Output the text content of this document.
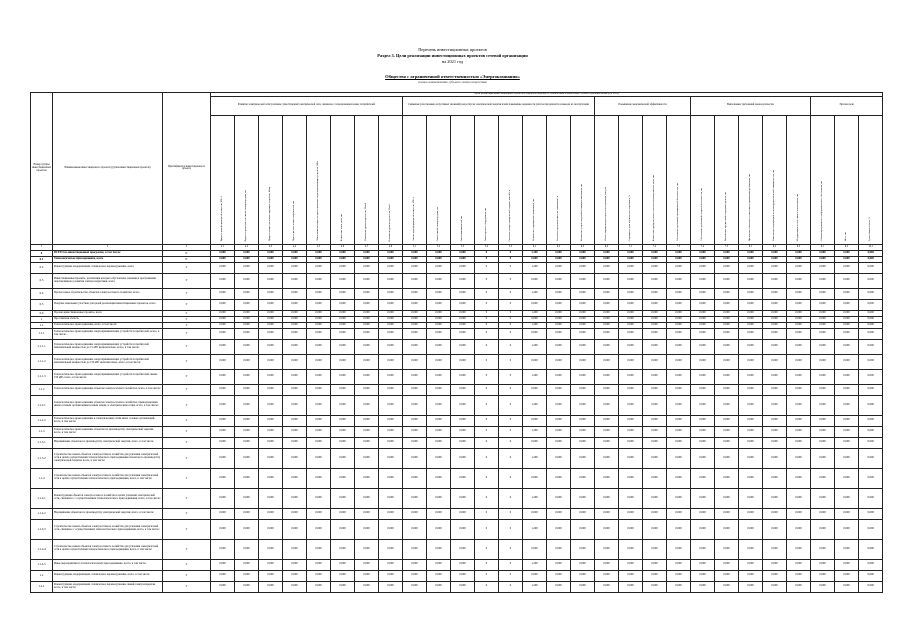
Перечень инвестиционных проектов
Раздел 3. Цели реализации инвестиционных проектов сетевой организации
на 2021 год
Общество с ограниченной ответственностью «Энергокомпания»
полное наименование субъекта электроэнергетики
Номер группы инвестиционных проектов	Наименование инвестиционного проекта (группы инвестиционных проектов)	Идентификатор инвестиционного проекта	Цели реализации инвестиционных проектов в закрытом перечне по техническим показателям, соответствующим целям (год 2021)																											
			Развитие электрической сети/усиление существующей электрической сети, связанное с подключением новых потребителей								Снижение (обеспечение допустимых значений) недоотпуска электрической энергии и/или повышение надежности работы при ремонтах и выводе из эксплуатации								Повышение экономической эффективности				Выполнение требований законодательства					Прочие цели		
			Прирост трансформаторной мощности, МВ·А	Прирост протяженности линий электропередачи, км	Прирост мощности компенсирующих устройств, Мвар	Присоединение новых потребителей, шт	Максимальная мощность присоединяемых энергопринимающих устройств, МВт	Количество точек учета, шт	Показатель уровня надежности, Пsaidi	Показатель уровня надежности, Пsaifi	Замена трансформаторной мощности, МВ·А	Замена линий электропередачи, км	Замена выключателей, шт	Замена прочего оборудования, шт	Снижение потерь электрической энергии, млн кВт·ч	Количество сокращенных отключений, шт	Снижение продолжительности отключений, ч	Количество устройств релейной защиты и автоматики, шт	Объем сокращения расходов на эксплуатацию, млн руб	Сокращение доли неучтенного потребления, %	Количество приборов учета в системе интеллектуального учета, шт	Обеспечение требований промышленной безопасности, шт	Обеспечение требований пожарной безопасности, шт	Выполнение предписаний надзорных органов, шт	Приведение объектов в соответствие нормативным требованиям, шт	Выполнение мероприятий по антитеррористической защищенности, шт	Модернизация систем связи и телемеханики, шт	Объекты программного и информационного обеспечения, шт	Иное, шт	Доля в общем объеме, %
1	2	3	4.1	4.2	4.3	4.4	4.5	4.6	4.7	4.8	5.1	5.2	5.3	5.4	5.5	6.1	6.2	6.3	6.4	7.1	7.2	7.3	7.4	7.5	8.1	8.2	8.3	9.1	9.2	10.1
0	ВСЕГО по инвестиционной программе, в том числе:	Г	0,000	0,000	0,000	0,000	0,000	0,000	0,000	0,000	0,000	0,000	0,000	0	0	1,200	0,000	0,000	0,000	0,000	0,000	0,000	0,000	0,000	0,000	0,000	0,000	0,000	0,000	0,000
0.1	Технологическое присоединение, всего	Г	0,000	0,000	0,000	0,000	0,000	0,000	0,000	0,000	0,000	0,000	0,000	0	0	0,000	0,000	0,000	0,000	0,000	0,000	0,000	0,000	0,000	0,000	0,000	0,000	0,000	0,000	0,000
0.2	Реконструкция, модернизация, техническое перевооружение, всего	Г	0,000	0,000	0,000	0,000	0,000	0,000	0,000	0,000	0,000	0,000	0,000	0	0	1,200	0,000	0,000	0,000	0,000	0,000	0,000	0,000	0,000	0,000	0,000	0,000	0,000	0,000	0,000
0.3	Инвестиционные проекты, реализация которых обусловлена схемами и программами перспективного развития электроэнергетики, всего	Г	0,000	0,000	0,000	0,000	0,000	0,000	0,000	0,000	0,000	0,000	0,000	0	0	0,000	0,000	0,000	0,000	0,000	0,000	0,000	0,000	0,000	0,000	0,000	0,000	0,000	0,000	0,000
0.4	Прочее новое строительство объектов электросетевого хозяйства, всего	Г	0,000	0,000	0,000	0,000	0,000	0,000	0,000	0,000	0,000	0,000	0,000	0	0	1,200	0,000	0,000	0,000	0,000	0,000	0,000	0,000	0,000	0,000	0,000	0,000	0,000	0,000	0,000
0.5	Покупка земельных участков для целей реализации инвестиционных проектов, всего	Г	0,000	0,000	0,000	0,000	0,000	0,000	0,000	0,000	0,000	0,000	0,000	0	0	0,000	0,000	0,000	0,000	0,000	0,000	0,000	0,000	0,000	0,000	0,000	0,000	0,000	0,000	0,000
0.6	Прочие инвестиционные проекты, всего	Г	0,000	0,000	0,000	0,000	0,000	0,000	0,000	0,000	0,000	0,000	0,000	0	0	1,200	0,000	0,000	0,000	0,000	0,000	0,000	0,000	0,000	0,000	0,000	0,000	0,000	0,000	0,000
1	Ярославская область	Г	0,000	0,000	0,000	0,000	0,000	0,000	0,000	0,000	0,000	0,000	0,000	0	0	0,000	0,000	0,000	0,000	0,000	0,000	0,000	0,000	0,000	0,000	0,000	0,000	0,000	0,000	0,000
1.1	Технологическое присоединение, всего, в том числе:	Г	0,000	0,000	0,000	0,000	0,000	0,000	0,000	0,000	0,000	0,000	0,000	0	0	1,200	0,000	0,000	0,000	0,000	0,000	0,000	0,000	0,000	0,000	0,000	0,000	0,000	0,000	0,000
1.1.1	Технологическое присоединение энергопринимающих устройств потребителей, всего, в том числе:	Г	0,000	0,000	0,000	0,000	0,000	0,000	0,000	0,000	0,000	0,000	0,000	0	0	0,000	0,000	0,000	0,000	0,000	0,000	0,000	0,000	0,000	0,000	0,000	0,000	0,000	0,000	0,000
1.1.1.1	Технологическое присоединение энергопринимающих устройств потребителей максимальной мощностью до 15 кВт включительно, всего, в том числе:	Г	0,000	0,000	0,000	0,000	0,000	0,000	0,000	0,000	0,000	0,000	0,000	0	0	1,200	0,000	0,000	0,000	0,000	0,000	0,000	0,000	0,000	0,000	0,000	0,000	0,000	0,000	0,000
1.1.1.2	Технологическое присоединение энергопринимающих устройств потребителей максимальной мощностью до 150 кВт включительно, всего, в том числе:	Г	0,000	0,000	0,000	0,000	0,000	0,000	0,000	0,000	0,000	0,000	0,000	0	0	0,000	0,000	0,000	0,000	0,000	0,000	0,000	0,000	0,000	0,000	0,000	0,000	0,000	0,000	0,000
1.1.1.3	Технологическое присоединение энергопринимающих устройств потребителей свыше 150 кВт, всего, в том числе:	Г	0,000	0,000	0,000	0,000	0,000	0,000	0,000	0,000	0,000	0,000	0,000	0	0	1,200	0,000	0,000	0,000	0,000	0,000	0,000	0,000	0,000	0,000	0,000	0,000	0,000	0,000	0,000
1.1.2	Технологическое присоединение объектов электросетевого хозяйства, всего, в том числе:	Г	0,000	0,000	0,000	0,000	0,000	0,000	0,000	0,000	0,000	0,000	0,000	0	0	0,000	0,000	0,000	0,000	0,000	0,000	0,000	0,000	0,000	0,000	0,000	0,000	0,000	0,000	0,000
1.1.2.1	Технологическое присоединение объектов электросетевого хозяйства, принадлежащих иным сетевым организациям и иным лицам, к электрическим сетям, всего, в том числе:	Г	0,000	0,000	0,000	0,000	0,000	0,000	0,000	0,000	0,000	0,000	0,000	0	0	1,200	0,000	0,000	0,000	0,000	0,000	0,000	0,000	0,000	0,000	0,000	0,000	0,000	0,000	0,000
1.1.2.2	Технологическое присоединение к электрическим сетям иных сетевых организаций, всего, в том числе:	Г	0,000	0,000	0,000	0,000	0,000	0,000	0,000	0,000	0,000	0,000	0,000	0	0	0,000	0,000	0,000	0,000	0,000	0,000	0,000	0,000	0,000	0,000	0,000	0,000	0,000	0,000	0,000
1.1.3	Технологическое присоединение объектов по производству электрической энергии, всего, в том числе:	Г	0,000	0,000	0,000	0,000	0,000	0,000	0,000	0,000	0,000	0,000	0,000	0	0	1,200	0,000	0,000	0,000	0,000	0,000	0,000	0,000	0,000	0,000	0,000	0,000	0,000	0,000	0,000
1.1.3.1	Наращивание объектов по производству электрической энергии, всего, в том числе:	Г	0,000	0,000	0,000	0,000	0,000	0,000	0,000	0,000	0,000	0,000	0,000	0	0	0,000	0,000	0,000	0,000	0,000	0,000	0,000	0,000	0,000	0,000	0,000	0,000	0,000	0,000	0,000
1.1.3.2	Строительство новых объектов электросетевого хозяйства для усиления электрической сети в целях осуществления технологического присоединения объектов по производству электрической энергии, всего, в том числе:	Г	0,000	0,000	0,000	0,000	0,000	0,000	0,000	0,000	0,000	0,000	0,000	0	0	1,200	0,000	0,000	0,000	0,000	0,000	0,000	0,000	0,000	0,000	0,000	0,000	0,000	0,000	0,000
1.1.4	Строительство новых объектов электросетевого хозяйства для усиления электрической сети в целях осуществления технологического присоединения, всего, в том числе:	Г	0,000	0,000	0,000	0,000	0,000	0,000	0,000	0,000	0,000	0,000	0,000	0	0	0,000	0,000	0,000	0,000	0,000	0,000	0,000	0,000	0,000	0,000	0,000	0,000	0,000	0,000	0,000
1.1.4.1	Реконструкция объектов электросетевого хозяйства в целях усиления электрической сети, связанного с осуществлением технологического присоединения, всего, в том числе:	Г	0,000	0,000	0,000	0,000	0,000	0,000	0,000	0,000	0,000	0,000	0,000	0	0	1,200	0,000	0,000	0,000	0,000	0,000	0,000	0,000	0,000	0,000	0,000	0,000	0,000	0,000	0,000
1.1.4.2	Наращивание объектов по производству электрической энергии, всего, в том числе:	Г	0,000	0,000	0,000	0,000	0,000	0,000	0,000	0,000	0,000	0,000	0,000	0	0	0,000	0,000	0,000	0,000	0,000	0,000	0,000	0,000	0,000	0,000	0,000	0,000	0,000	0,000	0,000
1.1.4.3	Строительство новых объектов электросетевого хозяйства для усиления электрической сети, связанное с осуществлением технологического присоединения, всего, в том числе:	Г	0,000	0,000	0,000	0,000	0,000	0,000	0,000	0,000	0,000	0,000	0,000	0	0	1,200	0,000	0,000	0,000	0,000	0,000	0,000	0,000	0,000	0,000	0,000	0,000	0,000	0,000	0,000
1.1.4.4	Строительство новых объектов электросетевого хозяйства для усиления электрической сети в целях осуществления технологического присоединения, всего, в том числе:	Г	0,000	0,000	0,000	0,000	0,000	0,000	0,000	0,000	0,000	0,000	0,000	0	0	0,000	0,000	0,000	0,000	0,000	0,000	0,000	0,000	0,000	0,000	0,000	0,000	0,000	0,000	0,000
1.1.4.5	Иные мероприятия по технологическому присоединению, всего, в том числе:	Г	0,000	0,000	0,000	0,000	0,000	0,000	0,000	0,000	0,000	0,000	0,000	0	0	1,200	0,000	0,000	0,000	0,000	0,000	0,000	0,000	0,000	0,000	0,000	0,000	0,000	0,000	0,000
1.2	Реконструкция, модернизация, техническое перевооружение, всего, в том числе:	Г	0,000	0,000	0,000	0,000	0,000	0,000	0,000	0,000	0,000	0,000	0,000	0	0	0,000	0,000	0,000	0,000	0,000	0,000	0,000	0,000	0,000	0,000	0,000	0,000	0,000	0,000	0,000
1.2.1	Реконструкция, модернизация, техническое перевооружение линий электропередачи, всего, в том числе:	Г	0,000	0,000	0,000	0,000	0,000	0,000	0,000	0,000	0,000	0,000	0,000	0	0	1,200	0,000	0,000	0,000	0,000	0,000	0,000	0,000	0,000	0,000	0,000	0,000	0,000	0,000	0,000
